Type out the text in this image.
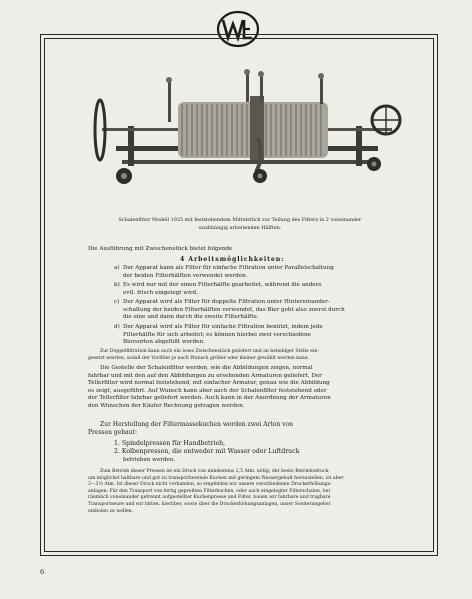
Schalenfilter Modell 1925 mit feststehendem Mittelstück zur Teilung des Filters in 2 voneinander
unabhängig arbeitenden Hälften.
Die Ausführung mit Zwischenstück bietet folgende
4 Arbeitsmöglichkeiten:
a) Der Apparat kann als Filter für einfache Filtration unter Parallelschaltung
der beiden Filterhälften verwendet werden.
b) Es wird nur mit der einen Filterhälfte gearbeitet, während die andere
evtl. frisch eingelegt wird.
c) Der Apparat wird als Filter für doppelte Filtration unter Hintereinander-
schaltung der beiden Filterhälften verwendet, das Bier geht also zuerst durch
die eine und dann durch die zweite Filterhälfte.
d) Der Apparat wird als Filter für einfache Filtration benützt, indem jede
Filterhälfte für sich arbeitet; es können hierbei zwei verschiedene
Biersorten abgefüllt werden.
Zur Doppelfiltration kann auch ein loses Zwischenstück geliefert und an beliebiger Stelle ein-
gesetzt werden, sodaß der Vorfilter je nach Wunsch größer oder kleiner gewählt werden kann.
Die Gestelle der Schalenfilter werden, wie die Abbildungen zeigen, normal
fahrbar und mit den auf den Abbildungen zu ersehenden Armaturen geliefert. Der
Tellerfilter wird normal feststehend, mit einfacher Armatur, genau wie die Abbildung
es zeigt, ausgeführt. Auf Wunsch kann aber auch der Schalenfilter feststehend oder
der Tellerfilter fahrbar geliefert werden. Auch kann in der Anordnung der Armaturen
den Wünschen der Käufer Rechnung getragen werden.
Zur Herstellung der Filtermassekuchen werden zwei Arten von
Pressen gebaut:
1. Spindelpressen für Handbetrieb,
2. Kolbenpressen, die entweder mit Wasser oder Luftdruck
betrieben werden.
Zum Betrieb dieser Pressen ist ein Druck von mindestens 2,5 Atm. nötig; der beste Betriebsdruck,
um möglichst haltbare und gut zu transportierende Kuchen mit geringem Wassergehalt herzustellen, ist aber
3—3½ Atm. Ist dieser Druck nicht vorhanden, so empfehlen wir unsere verschiedenen Druckerhöhungs-
anlagen. Für den Transport von fertig gepreßten Filterkuchen, oder auch eingelegter Filterschalen, bei
räumlich voneinander getrennt aufgestellter Kuchenpresse und Filter, bauen wir fahrbare und tragbare
Transportseure und wir bitten, hierüber, sowie über die Druckerhöhungsanlagen, unser Sonderangebot
einholen zu wollen.
6
